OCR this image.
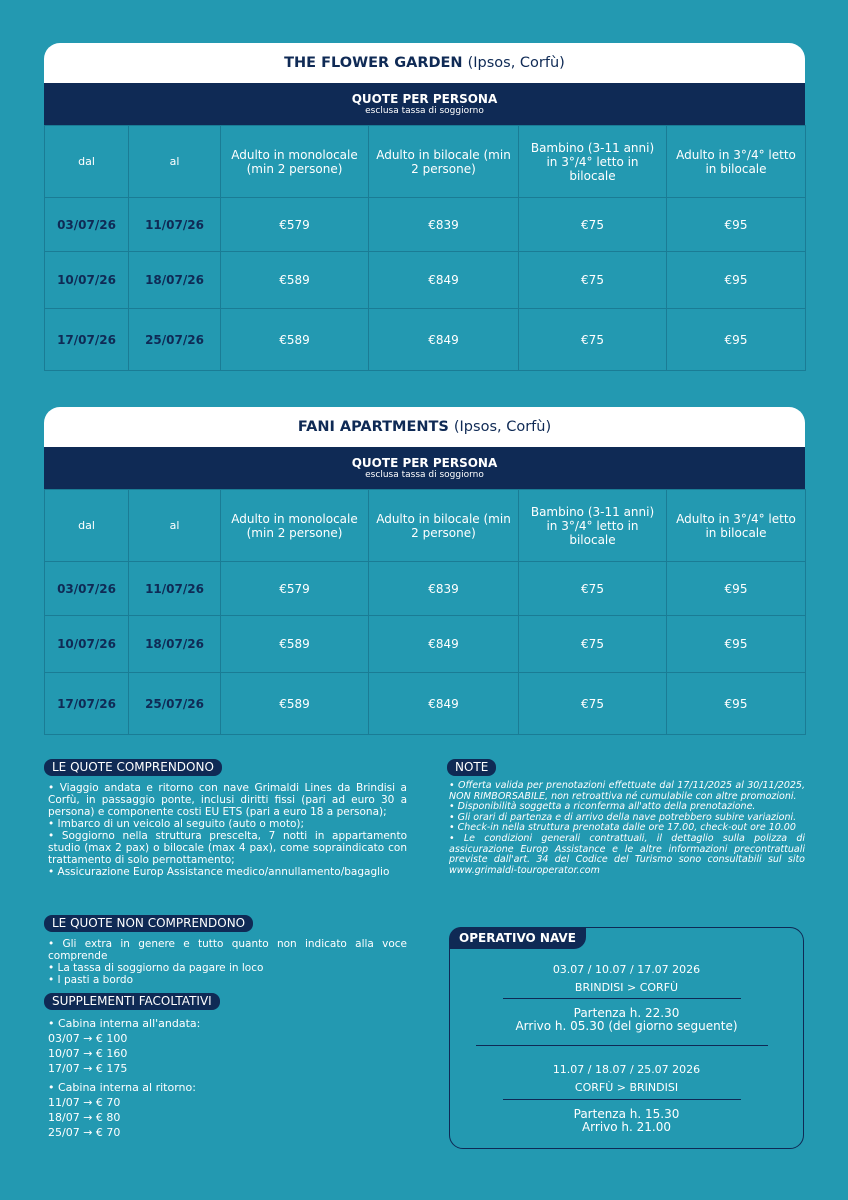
THE FLOWER GARDEN (Ipsos, Corfù)
QUOTE PER PERSONA
esclusa tassa di soggiorno
dal	al	Adulto in monolocale (min 2 persone)	Adulto in bilocale (min 2 persone)	Bambino (3-11 anni) in 3°/4° letto in bilocale	Adulto in 3°/4° letto in bilocale
03/07/26	11/07/26	€579	€839	€75	€95
10/07/26	18/07/26	€589	€849	€75	€95
17/07/26	25/07/26	€589	€849	€75	€95
FANI APARTMENTS (Ipsos, Corfù)
QUOTE PER PERSONA
esclusa tassa di soggiorno
dal	al	Adulto in monolocale (min 2 persone)	Adulto in bilocale (min 2 persone)	Bambino (3-11 anni) in 3°/4° letto in bilocale	Adulto in 3°/4° letto in bilocale
03/07/26	11/07/26	€579	€839	€75	€95
10/07/26	18/07/26	€589	€849	€75	€95
17/07/26	25/07/26	€589	€849	€75	€95
LE QUOTE COMPRENDONO

• Viaggio andata e ritorno con nave Grimaldi Lines da Brindisi a Corfù, in passaggio ponte, inclusi diritti fissi (pari ad euro 30 a persona) e componente costi EU ETS (pari a euro 18 a persona);

• Imbarco di un veicolo al seguito (auto o moto);

• Soggiorno nella struttura prescelta, 7 notti in appartamento studio (max 2 pax) o bilocale (max 4 pax), come sopraindicato con trattamento di solo pernottamento;

• Assicurazione Europ Assistance medico/annullamento/bagaglio

LE QUOTE NON COMPRENDONO

• Gli extra in genere e tutto quanto non indicato alla voce comprende

• La tassa di soggiorno da pagare in loco

• I pasti a bordo

SUPPLEMENTI FACOLTATIVI
• Cabina interna all'andata:
03/07 → € 100
10/07 → € 160
17/07 → € 175
• Cabina interna al ritorno:
11/07 → € 70
18/07 → € 80
25/07 → € 70
NOTE

• Offerta valida per prenotazioni effettuate dal 17/11/2025 al 30/11/2025, NON RIMBORSABILE, non retroattiva né cumulabile con altre promozioni.

• Disponibilità soggetta a riconferma all'atto della prenotazione.

• Gli orari di partenza e di arrivo della nave potrebbero subire variazioni.

• Check-in nella struttura prenotata dalle ore 17.00, check-out ore 10.00

• Le condizioni generali contrattuali, il dettaglio sulla polizza di assicurazione Europ Assistance e le altre informazioni precontrattuali previste dall'art. 34 del Codice del Turismo sono consultabili sul sito www.grimaldi-touroperator.com

OPERATIVO NAVE
03.07 / 10.07 / 17.07 2026
BRINDISI > CORFÙ
Partenza h. 22.30
Arrivo h. 05.30 (del giorno seguente)
11.07 / 18.07 / 25.07 2026
CORFÙ > BRINDISI
Partenza h. 15.30
Arrivo h. 21.00
